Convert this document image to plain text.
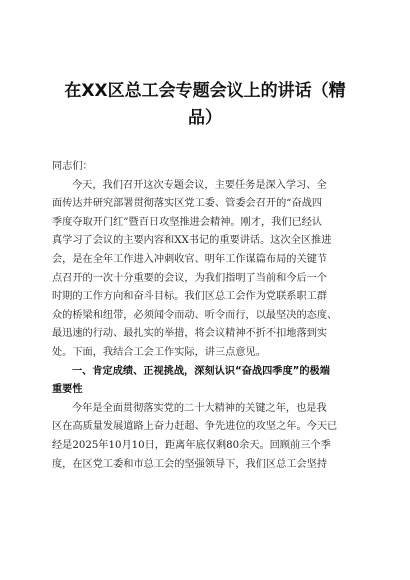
在XX区总工会专题会议上的讲话（精
品）
同志们：
今天，我们召开这次专题会议，主要任务是深入学习、全
面传达并研究部署贯彻落实区党工委、管委会召开的“奋战四
季度夺取开门红”暨百日攻坚推进会精神。刚才，我们已经认
真学习了会议的主要内容和XX书记的重要讲话。这次全区推进
会，是在全年工作进入冲刺收官、明年工作谋篇布局的关键节
点召开的一次十分重要的会议，为我们指明了当前和今后一个
时期的工作方向和奋斗目标。我们区总工会作为党联系职工群
众的桥梁和纽带，必须闻令而动、听令而行，以最坚决的态度、
最迅速的行动、最扎实的举措，将会议精神不折不扣地落到实
处。下面，我结合工会工作实际，讲三点意见。
一、肯定成绩、正视挑战，深刻认识“奋战四季度”的极端
重要性
今年是全面贯彻落实党的二十大精神的关键之年，也是我
区在高质量发展道路上奋力赶超、争先进位的攻坚之年。今天已
经是2025年10月10日，距离年底仅剩80余天。回顾前三个季
度，在区党工委和市总工会的坚强领导下，我们区总工会坚持
